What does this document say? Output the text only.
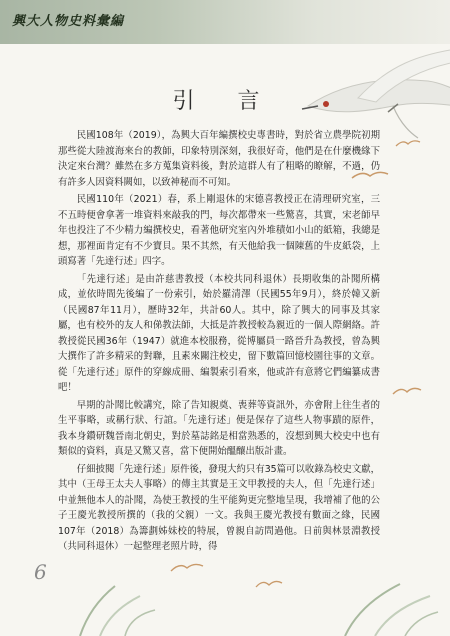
興大人物史料彙編
引 言

民國108年（2019），為興大百年編撰校史專書時，對於省立農學院初期那些從大陸渡海來台的教師，印象特別深刻，我很好奇，他們是在什麼機緣下決定來台灣？雖然在多方蒐集資料後，對於這群人有了粗略的瞭解，不過，仍有許多人因資料闕如，以致神秘而不可知。

民國110年（2021）春，系上剛退休的宋德喜教授正在清理研究室，三不五時便會拿著一堆資料來敲我的門，每次都帶來一些驚喜，其實，宋老師早年也投注了不少精力編撰校史，看著他研究室內外堆積如小山的紙箱，我總是想，那裡面肯定有不少寶貝。果不其然，有天他給我一個陳舊的牛皮紙袋，上頭寫著「先達行述」四字。

「先達行述」是由許慈書教授（本校共同科退休）長期收集的訃聞所構成，並依時間先後編了一份索引，始於羅清澤（民國55年9月），終於韓又新（民國87年11月），歷時32年，共計60人。其中，除了興大的同事及其家屬，也有校外的友人和俤教法師，大抵是許教授較為親近的一個人際網絡。許教授從民國36年（1947）就進本校服務，從博屬員一路晉升為教授，曾為興大撰作了許多精采的對聯，且素來關注校史，留下數篇回憶校園往事的文章。從「先達行述」原件的穿線成冊、編製索引看來，他或許有意將它們編纂成書吧！

早期的訃聞比較講究，除了告知親奠、喪葬等資訊外，亦會附上往生者的生平事略，或稱行狀、行誼。「先達行述」便是保存了這些人物事蹟的原件，我本身鑽研魏晉南北朝史，對於墓誌銘是相當熟悉的，沒想到興大校史中也有類似的資料，真是又驚又喜，當下便開始醞釀出版計畫。

仔細披閱「先達行述」原件後，發現大約只有35篇可以收錄為校史文獻，其中（王母王太夫人事略）的傳主其實是王文甲教授的夫人，但「先達行述」中並無他本人的訃聞，為使王教授的生平能夠更完整地呈現，我增補了他的公子王慶光教授所撰的（我的父親）一文。我與王慶光教授有數面之緣，民國107年（2018）為籌劃姊妹校的特展，曾親自訪問過他。日前與林景淵教授（共同科退休）一起整理老照片時，得

6
